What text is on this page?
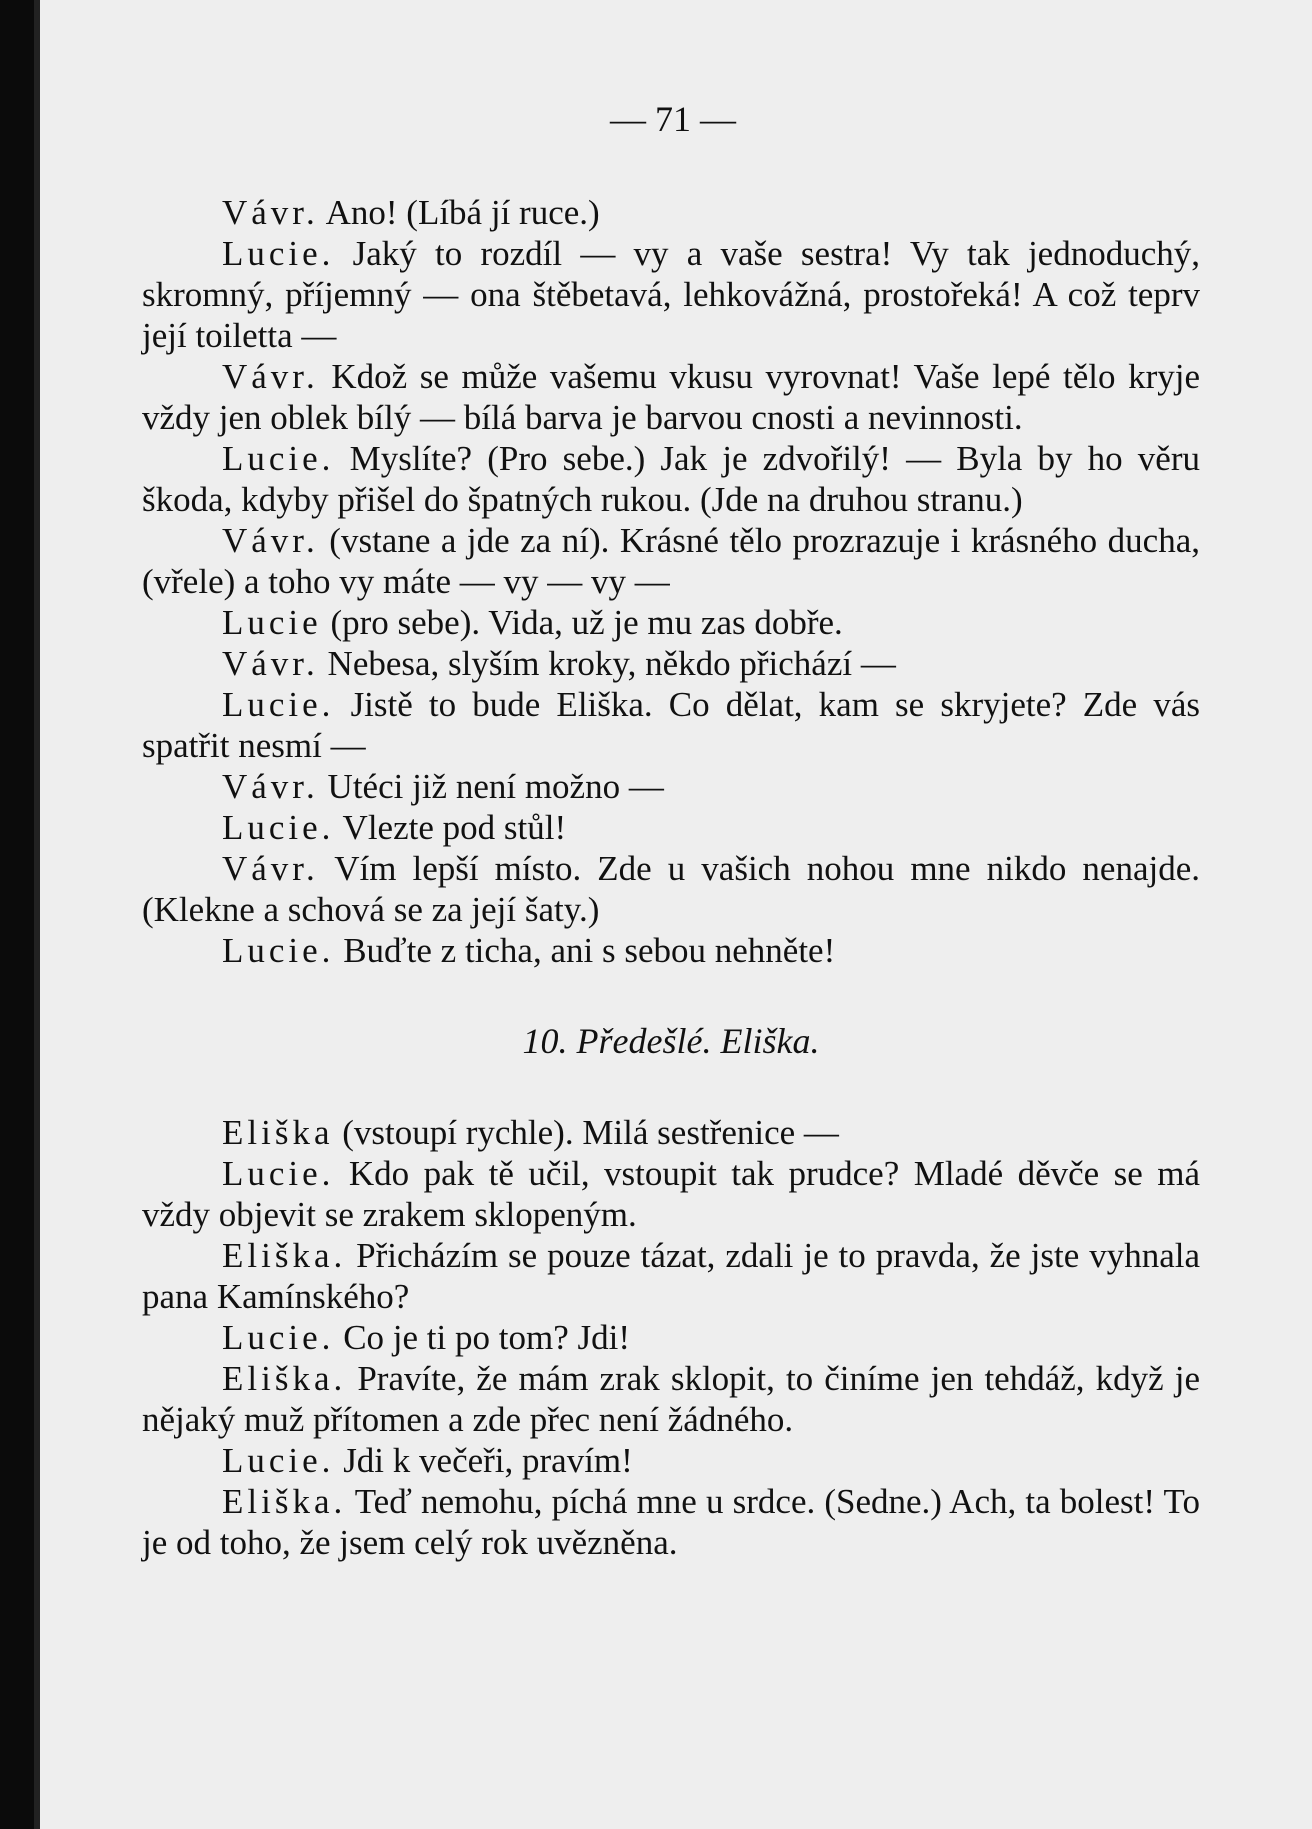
— 71 —

Vávr. Ano! (Líbá jí ruce.)

Lucie. Jaký to rozdíl — vy a vaše sestra! Vy tak jednoduchý, skromný, příjemný — ona štěbetavá, lehkovážná, prostořeká! A což teprv její toiletta —

Vávr. Kdož se může vašemu vkusu vyrovnat! Vaše lepé tělo kryje vždy jen oblek bílý — bílá barva je barvou cnosti a nevinnosti.

Lucie. Myslíte? (Pro sebe.) Jak je zdvořilý! — Byla by ho věru škoda, kdyby přišel do špatných rukou. (Jde na druhou stranu.)

Vávr. (vstane a jde za ní). Krásné tělo prozrazuje i krásného ducha, (vřele) a toho vy máte — vy — vy —

Lucie (pro sebe). Vida, už je mu zas dobře.

Vávr. Nebesa, slyším kroky, někdo přichází —

Lucie. Jistě to bude Eliška. Co dělat, kam se skryjete? Zde vás spatřit nesmí —

Vávr. Utéci již není možno —

Lucie. Vlezte pod stůl!

Vávr. Vím lepší místo. Zde u vašich nohou mne nikdo nenajde. (Klekne a schová se za její šaty.)

Lucie. Buďte z ticha, ani s sebou nehněte!

10. Předešlé. Eliška.

Eliška (vstoupí rychle). Milá sestřenice —

Lucie. Kdo pak tě učil, vstoupit tak prudce? Mladé děvče se má vždy objevit se zrakem sklopeným.

Eliška. Přicházím se pouze tázat, zdali je to pravda, že jste vyhnala pana Kamínského?

Lucie. Co je ti po tom? Jdi!

Eliška. Pravíte, že mám zrak sklopit, to činíme jen tehdáž, když je nějaký muž přítomen a zde přec není žádného.

Lucie. Jdi k večeři, pravím!

Eliška. Teď nemohu, píchá mne u srdce. (Sedne.) Ach, ta bolest! To je od toho, že jsem celý rok uvězněna.
